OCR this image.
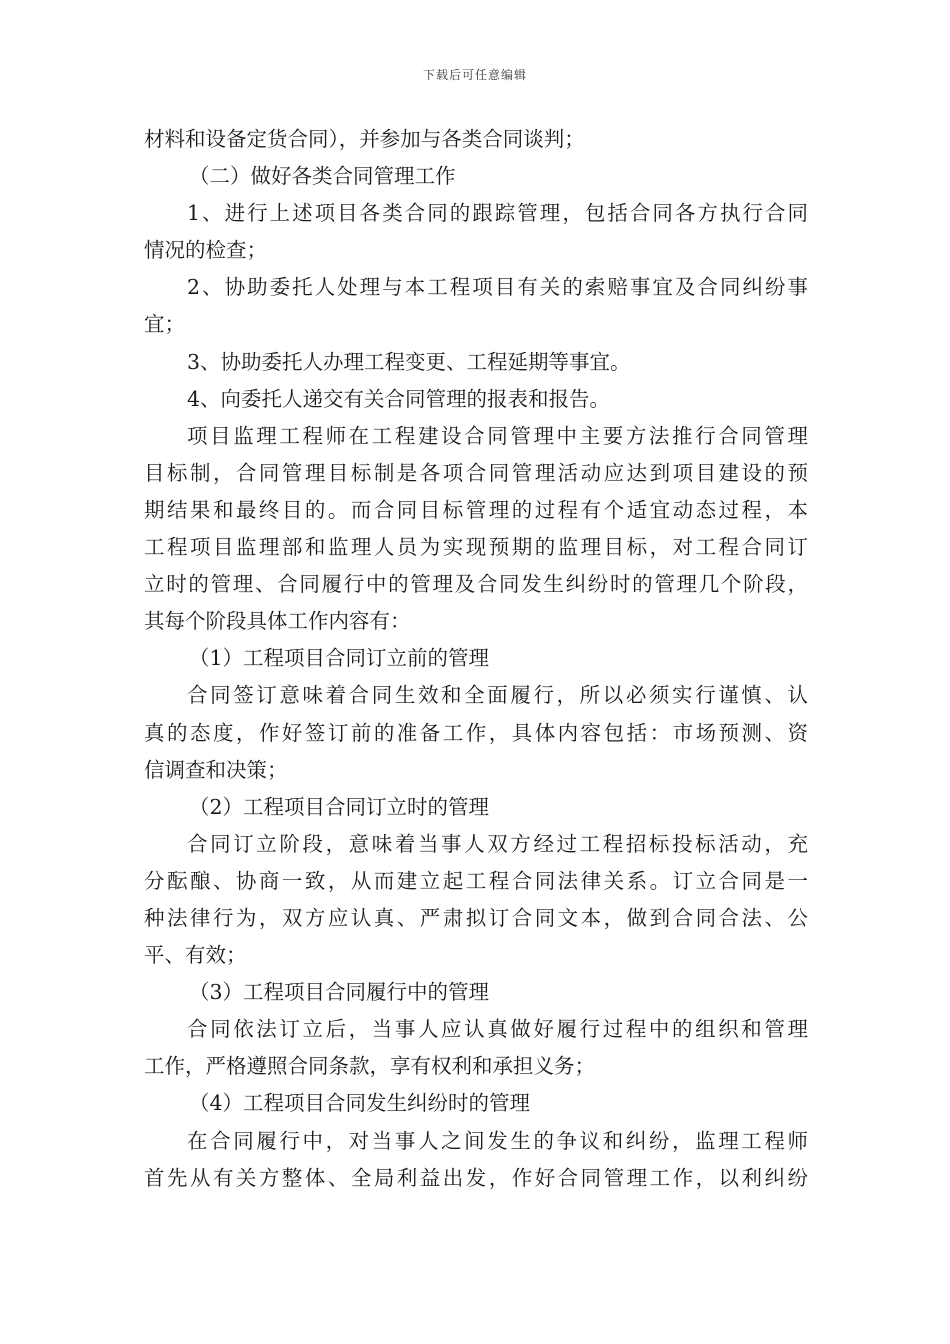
下载后可任意编辑
材料和设备定货合同），并参加与各类合同谈判；
（二）做好各类合同管理工作
1、进行上述项目各类合同的跟踪管理，包括合同各方执行合同
情况的检查；
2、协助委托人处理与本工程项目有关的索赔事宜及合同纠纷事
宜；
3、协助委托人办理工程变更、工程延期等事宜。
4、向委托人递交有关合同管理的报表和报告。
项目监理工程师在工程建设合同管理中主要方法推行合同管理
目标制，合同管理目标制是各项合同管理活动应达到项目建设的预
期结果和最终目的。而合同目标管理的过程有个适宜动态过程，本
工程项目监理部和监理人员为实现预期的监理目标，对工程合同订
立时的管理、合同履行中的管理及合同发生纠纷时的管理几个阶段，
其每个阶段具体工作内容有：
（1）工程项目合同订立前的管理
合同签订意味着合同生效和全面履行，所以必须实行谨慎、认
真的态度，作好签订前的准备工作，具体内容包括：市场预测、资
信调查和决策；
（2）工程项目合同订立时的管理
合同订立阶段，意味着当事人双方经过工程招标投标活动，充
分酝酿、协商一致，从而建立起工程合同法律关系。订立合同是一
种法律行为，双方应认真、严肃拟订合同文本，做到合同合法、公
平、有效；
（3）工程项目合同履行中的管理
合同依法订立后，当事人应认真做好履行过程中的组织和管理
工作，严格遵照合同条款，享有权利和承担义务；
（4）工程项目合同发生纠纷时的管理
在合同履行中，对当事人之间发生的争议和纠纷，监理工程师
首先从有关方整体、全局利益出发，作好合同管理工作，以利纠纷
